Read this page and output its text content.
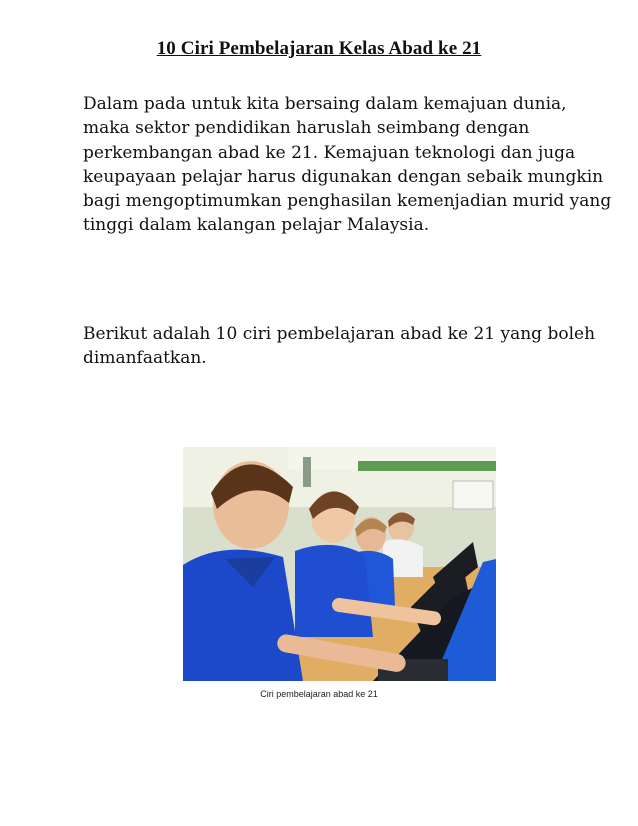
10 Ciri Pembelajaran Kelas Abad ke 21

Dalam pada untuk kita bersaing dalam kemajuan dunia, maka sektor pendidikan haruslah seimbang dengan perkembangan abad ke 21. Kemajuan teknologi dan juga keupayaan pelajar harus digunakan dengan sebaik mungkin bagi mengoptimumkan penghasilan kemenjadian murid yang tinggi dalam kalangan pelajar Malaysia.

Berikut adalah 10 ciri pembelajaran abad ke 21 yang boleh dimanfaatkan.

Ciri pembelajaran abad ke 21
